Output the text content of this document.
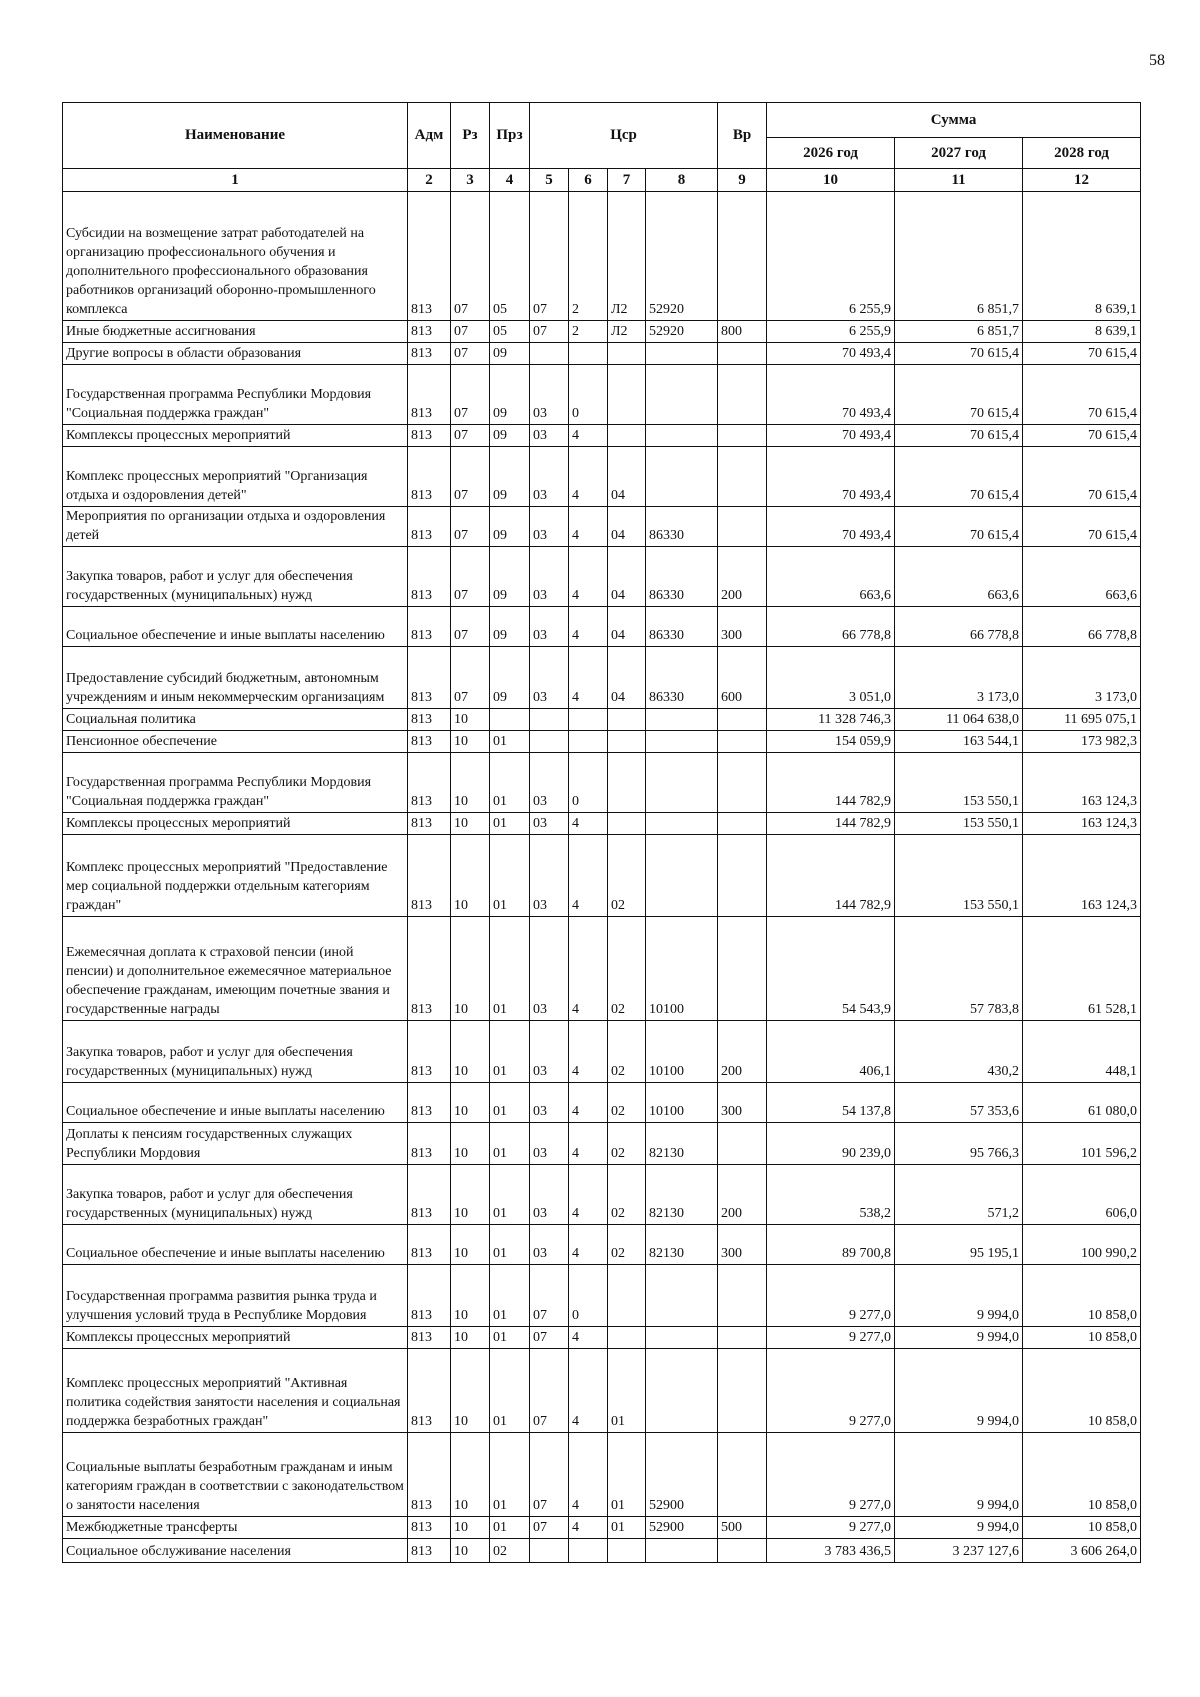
58
Наименование	Адм	Рз	Прз	Цср				Вр	Сумма		
									2026 год	2027 год	2028 год
1	2	3	4	5	6	7	8	9	10	11	12
Субсидии на возмещение затрат работодателей на организацию профессионального обучения и дополнительного профессионального образования работников организаций оборонно-промышленного комплекса	813	07	05	07	2	Л2	52920		6 255,9	6 851,7	8 639,1
Иные бюджетные ассигнования	813	07	05	07	2	Л2	52920	800	6 255,9	6 851,7	8 639,1
Другие вопросы в области образования	813	07	09						70 493,4	70 615,4	70 615,4
Государственная программа Республики Мордовия "Социальная поддержка граждан"	813	07	09	03	0				70 493,4	70 615,4	70 615,4
Комплексы процессных мероприятий	813	07	09	03	4				70 493,4	70 615,4	70 615,4
Комплекс процессных мероприятий "Организация отдыха и оздоровления детей"	813	07	09	03	4	04			70 493,4	70 615,4	70 615,4
Мероприятия по организации отдыха и оздоровления детей	813	07	09	03	4	04	86330		70 493,4	70 615,4	70 615,4
Закупка товаров, работ и услуг для обеспечения государственных (муниципальных) нужд	813	07	09	03	4	04	86330	200	663,6	663,6	663,6
Социальное обеспечение и иные выплаты населению	813	07	09	03	4	04	86330	300	66 778,8	66 778,8	66 778,8
Предоставление субсидий бюджетным, автономным учреждениям и иным некоммерческим организациям	813	07	09	03	4	04	86330	600	3 051,0	3 173,0	3 173,0
Социальная политика	813	10							11 328 746,3	11 064 638,0	11 695 075,1
Пенсионное обеспечение	813	10	01						154 059,9	163 544,1	173 982,3
Государственная программа Республики Мордовия "Социальная поддержка граждан"	813	10	01	03	0				144 782,9	153 550,1	163 124,3
Комплексы процессных мероприятий	813	10	01	03	4				144 782,9	153 550,1	163 124,3
Комплекс процессных мероприятий "Предоставление мер социальной поддержки отдельным категориям граждан"	813	10	01	03	4	02			144 782,9	153 550,1	163 124,3
Ежемесячная доплата к страховой пенсии (иной пенсии) и дополнительное ежемесячное материальное обеспечение гражданам, имеющим почетные звания и государственные награды	813	10	01	03	4	02	10100		54 543,9	57 783,8	61 528,1
Закупка товаров, работ и услуг для обеспечения государственных (муниципальных) нужд	813	10	01	03	4	02	10100	200	406,1	430,2	448,1
Социальное обеспечение и иные выплаты населению	813	10	01	03	4	02	10100	300	54 137,8	57 353,6	61 080,0
Доплаты к пенсиям государственных служащих Республики Мордовия	813	10	01	03	4	02	82130		90 239,0	95 766,3	101 596,2
Закупка товаров, работ и услуг для обеспечения государственных (муниципальных) нужд	813	10	01	03	4	02	82130	200	538,2	571,2	606,0
Социальное обеспечение и иные выплаты населению	813	10	01	03	4	02	82130	300	89 700,8	95 195,1	100 990,2
Государственная программа развития рынка труда и улучшения условий труда в Республике Мордовия	813	10	01	07	0				9 277,0	9 994,0	10 858,0
Комплексы процессных мероприятий	813	10	01	07	4				9 277,0	9 994,0	10 858,0
Комплекс процессных мероприятий "Активная политика содействия занятости населения и социальная поддержка безработных граждан"	813	10	01	07	4	01			9 277,0	9 994,0	10 858,0
Социальные выплаты безработным гражданам и иным категориям граждан в соответствии с законодательством о занятости населения	813	10	01	07	4	01	52900		9 277,0	9 994,0	10 858,0
Межбюджетные трансферты	813	10	01	07	4	01	52900	500	9 277,0	9 994,0	10 858,0
Социальное обслуживание населения	813	10	02						3 783 436,5	3 237 127,6	3 606 264,0
